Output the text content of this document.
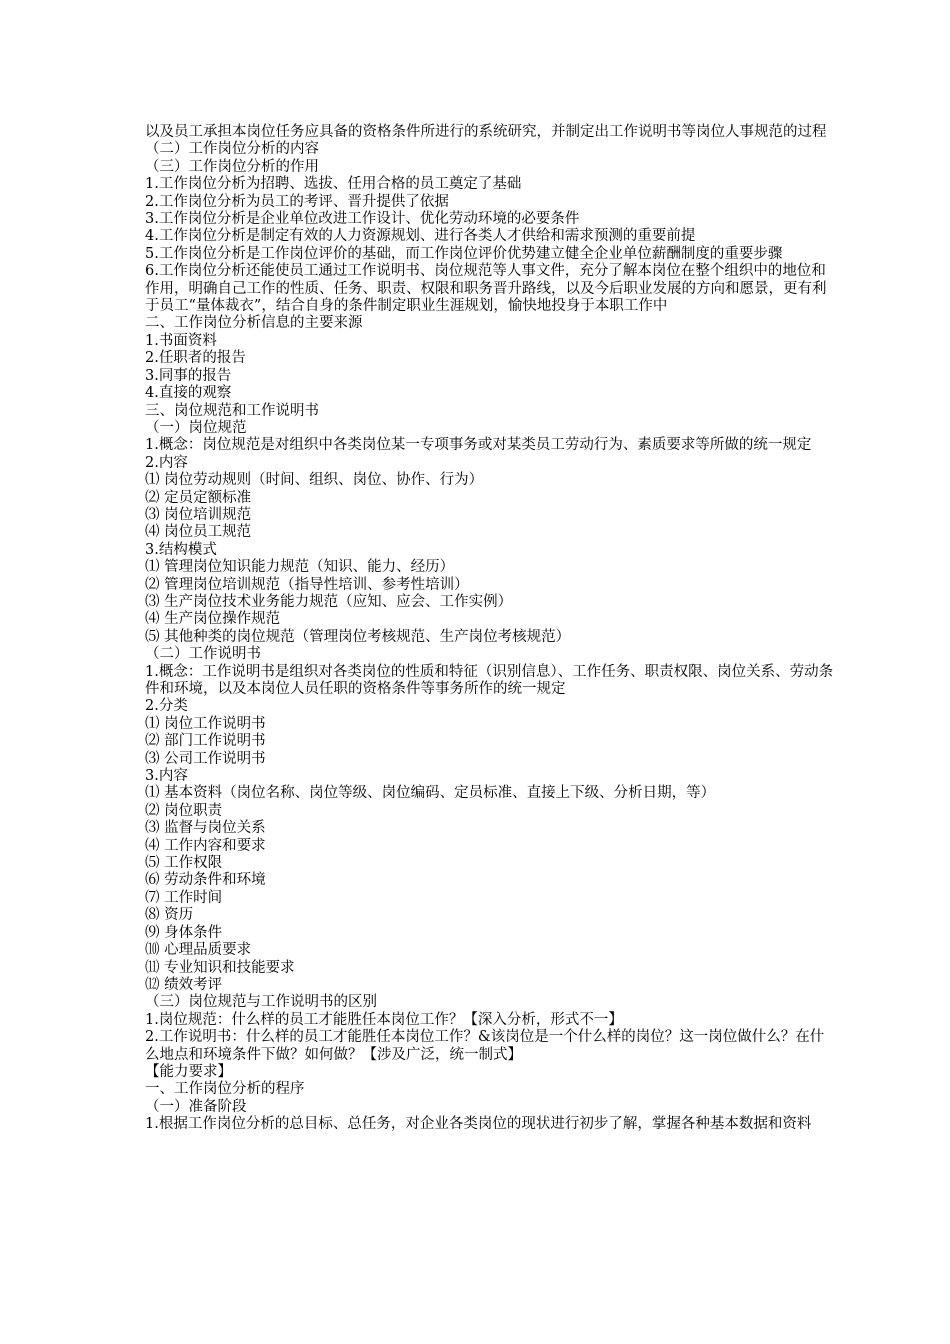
以及员工承担本岗位任务应具备的资格条件所进行的系统研究，并制定出工作说明书等岗位人事规范的过程

（二）工作岗位分析的内容

（三）工作岗位分析的作用

1.工作岗位分析为招聘、选拔、任用合格的员工奠定了基础

2.工作岗位分析为员工的考评、晋升提供了依据

3.工作岗位分析是企业单位改进工作设计、优化劳动环境的必要条件

4.工作岗位分析是制定有效的人力资源规划、进行各类人才供给和需求预测的重要前提

5.工作岗位分析是工作岗位评价的基础，而工作岗位评价优势建立健全企业单位薪酬制度的重要步骤

6.工作岗位分析还能使员工通过工作说明书、岗位规范等人事文件，充分了解本岗位在整个组织中的地位和作用，明确自己工作的性质、任务、职责、权限和职务晋升路线，以及今后职业发展的方向和愿景，更有利于员工“量体裁衣”，结合自身的条件制定职业生涯规划，愉快地投身于本职工作中

二、工作岗位分析信息的主要来源

1.书面资料

2.任职者的报告

3.同事的报告

4.直接的观察

三、岗位规范和工作说明书

（一）岗位规范

1.概念：岗位规范是对组织中各类岗位某一专项事务或对某类员工劳动行为、素质要求等所做的统一规定

2.内容

⑴ 岗位劳动规则（时间、组织、岗位、协作、行为）

⑵ 定员定额标准

⑶ 岗位培训规范

⑷ 岗位员工规范

3.结构模式

⑴ 管理岗位知识能力规范（知识、能力、经历）

⑵ 管理岗位培训规范（指导性培训、参考性培训）

⑶ 生产岗位技术业务能力规范（应知、应会、工作实例）

⑷ 生产岗位操作规范

⑸ 其他种类的岗位规范（管理岗位考核规范、生产岗位考核规范）

（二）工作说明书

1.概念：工作说明书是组织对各类岗位的性质和特征（识别信息）、工作任务、职责权限、岗位关系、劳动条件和环境，以及本岗位人员任职的资格条件等事务所作的统一规定

2.分类

⑴ 岗位工作说明书

⑵ 部门工作说明书

⑶ 公司工作说明书

3.内容

⑴ 基本资料（岗位名称、岗位等级、岗位编码、定员标准、直接上下级、分析日期，等）

⑵ 岗位职责

⑶ 监督与岗位关系

⑷ 工作内容和要求

⑸ 工作权限

⑹ 劳动条件和环境

⑺ 工作时间

⑻ 资历

⑼ 身体条件

⑽ 心理品质要求

⑾ 专业知识和技能要求

⑿ 绩效考评

（三）岗位规范与工作说明书的区别

1.岗位规范：什么样的员工才能胜任本岗位工作？【深入分析，形式不一】

2.工作说明书：什么样的员工才能胜任本岗位工作？&该岗位是一个什么样的岗位？这一岗位做什么？在什么地点和环境条件下做？如何做？【涉及广泛，统一制式】

【能力要求】

一、工作岗位分析的程序

（一）准备阶段

1.根据工作岗位分析的总目标、总任务，对企业各类岗位的现状进行初步了解，掌握各种基本数据和资料
